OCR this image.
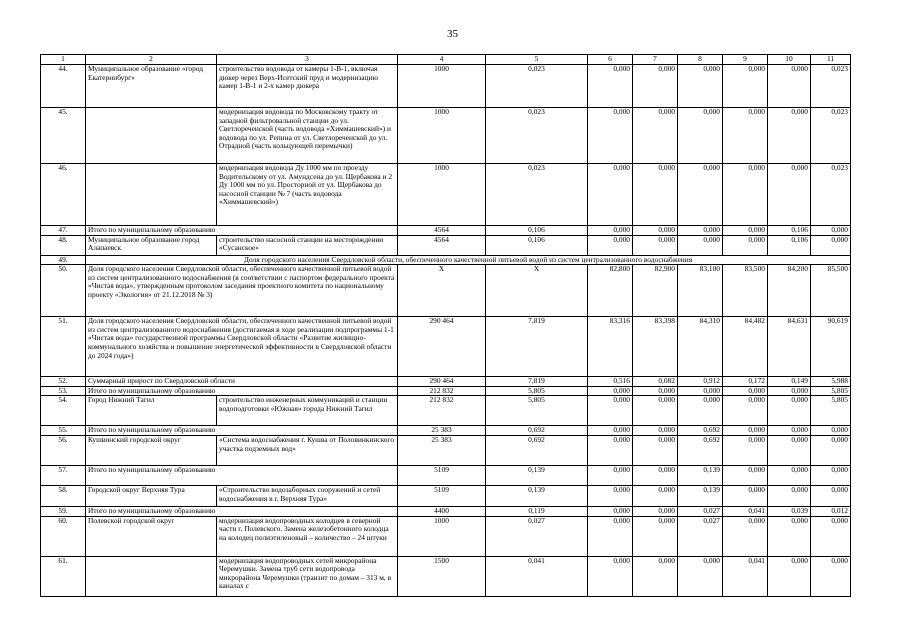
35
1	2	3	4	5	6	7	8	9	10	11
44.	Муниципальное образование «город Екатеринбург»	строительство водовода от камеры 1-В-1, включая дюкер через Верх-Исетский пруд и модернизацию камер 1-В-1 и 2-х камер дюкера	1000	0,023	0,000	0,000	0,000	0,000	0,000	0,023
45.		модернизация водовода по Московскому тракту от западной фильтровальной станции до ул. Светлореченской (часть водовода «Химмашевский») и водовода по ул. Репина от ул. Светлореченской до ул. Отрадной (часть кольцующей перемычки)	1000	0,023	0,000	0,000	0,000	0,000	0,000	0,023
46.		модернизация водовода Ду 1000 мм по проезду Водительскому от ул. Амундсена до ул. Щербакова и 2 Ду 1000 мм по ул. Просторной от ул. Щербакова до насосной станции № 7 (часть водовода «Химмашевский»)	1000	0,023	0,000	0,000	0,000	0,000	0,000	0,023
47.	Итого по муниципальному образованию		4564	0,106	0,000	0,000	0,000	0,000	0,106	0,000
48.	Муниципальное образование город Алапаевск	строительство насосной станции на месторождении «Сусанское»	4564	0,106	0,000	0,000	0,000	0,000	0,106	0,000
49.	Доля городского населения Свердловской области, обеспеченного качественной питьевой водой из систем централизованного водоснабжения									
50.	Доля городского населения Свердловской области, обеспеченного качественной питьевой водой из систем централизованного водоснабжения (в соответствии с паспортом федерального проекта «Чистая вода», утвержденным протоколом заседания проектного комитета по национальному проекту «Экология» от 21.12.2018 № 3)		Х	Х	82,800	82,900	83,100	83,500	84,200	85,500
51.	Доля городского населения Свердловской области, обеспеченного качественной питьевой водой из систем централизованного водоснабжения (достигаемая в ходе реализации подпрограммы 1-1 «Чистая вода» государственной программы Свердловской области «Развитие жилищно-коммунального хозяйства и повышение энергетической эффективности в Свердловской области до 2024 года»)		290 464	7,819	83,316	83,398	84,310	84,482	84,631	90,619
52.	Суммарный прирост по Свердловской области		290 464	7,819	0,516	0,082	0,912	0,172	0,149	5,988
53.	Итого по муниципальному образованию		212 832	5,805	0,000	0,000	0,000	0,000	0,000	5,805
54.	Город Нижний Тагил	строительство инженерных коммуникаций и станции водоподготовки «Южная» города Нижний Тагил	212 832	5,805	0,000	0,000	0,000	0,000	0,000	5,805
55.	Итого по муниципальному образованию		25 383	0,692	0,000	0,000	0,692	0,000	0,000	0,000
56.	Кушвинский городской округ	«Система водоснабжения г. Кушва от Половинкинского участка подземных вод»	25 383	0,692	0,000	0,000	0,692	0,000	0,000	0,000
57.	Итого по муниципальному образованию		5109	0,139	0,000	0,000	0,139	0,000	0,000	0,000
58.	Городской округ Верхняя Тура	«Строительство водозаборных сооружений и сетей водоснабжения в г. Верхняя Тура»	5109	0,139	0,000	0,000	0,139	0,000	0,000	0,000
59.	Итого по муниципальному образованию		4400	0,119	0,000	0,000	0,027	0,041	0,039	0,012
60.	Полевской городской округ	модернизация водопроводных колодцев в северной части г. Полевского. Замена железобетонного колодца на колодец полиэтиленовый – количество – 24 штуки	1000	0,027	0,000	0,000	0,027	0,000	0,000	0,000
61.		модернизация водопроводных сетей микрорайона Черемушки. Замена труб сети водопровода микрорайона Черемушки (транзит по домам – 313 м, в каналах с	1500	0,041	0,000	0,000	0,000	0,041	0,000	0,000
